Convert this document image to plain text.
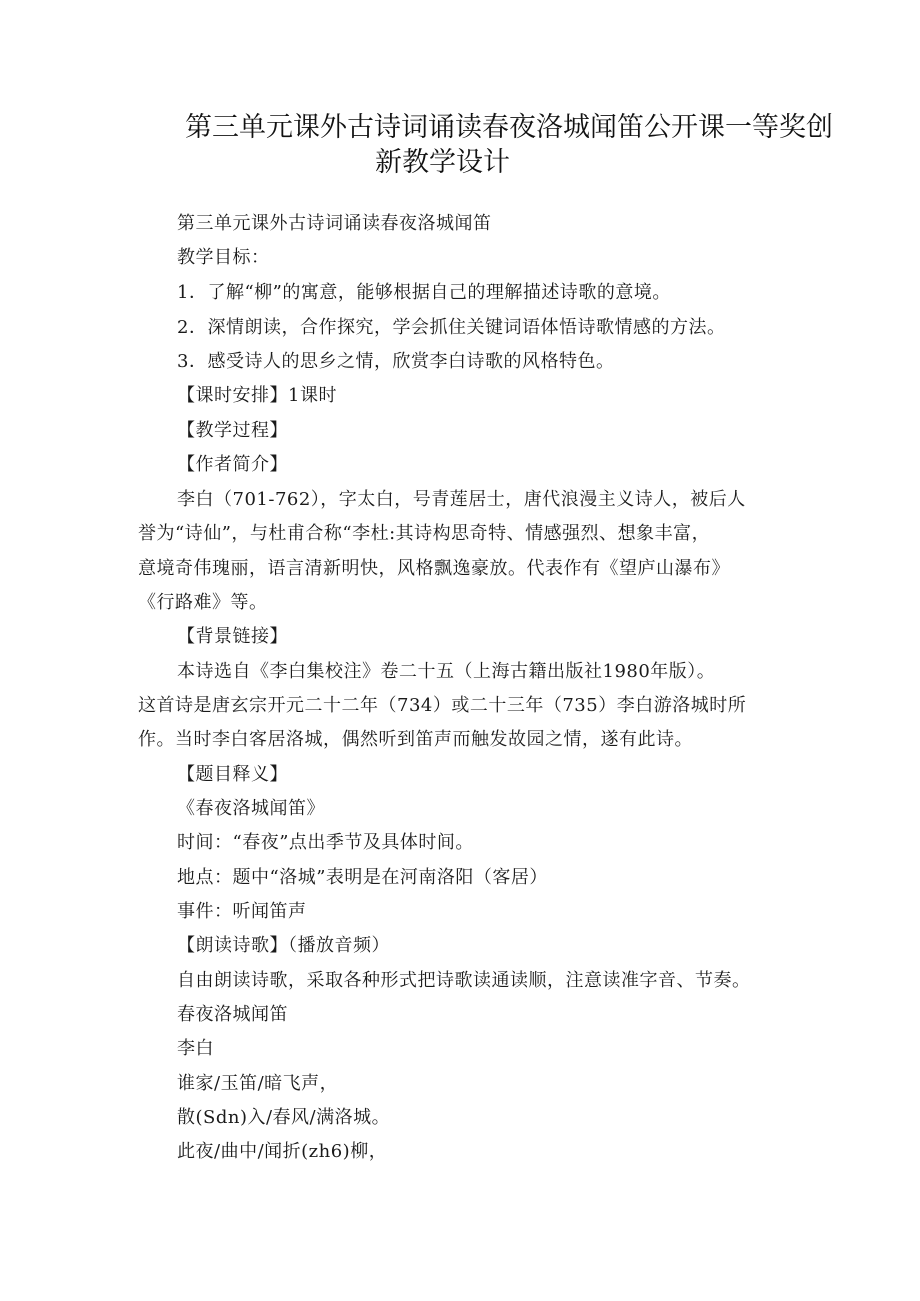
第三单元课外古诗词诵读春夜洛城闻笛公开课一等奖创
新教学设计
第三单元课外古诗词诵读春夜洛城闻笛
教学目标：
1．了解“柳”的寓意，能够根据自己的理解描述诗歌的意境。
2．深情朗读，合作探究，学会抓住关键词语体悟诗歌情感的方法。
3．感受诗人的思乡之情，欣赏李白诗歌的风格特色。
【课时安排】1课时
【教学过程】
【作者简介】
李白（701-762），字太白，号青莲居士，唐代浪漫主义诗人，被后人
誉为“诗仙”，与杜甫合称“李杜:其诗构思奇特、情感强烈、想象丰富，
意境奇伟瑰丽，语言清新明快，风格飘逸豪放。代表作有《望庐山瀑布》
《行路难》等。
【背景链接】
本诗选自《李白集校注》卷二十五（上海古籍出版社1980年版）。
这首诗是唐玄宗开元二十二年（734）或二十三年（735）李白游洛城时所
作。当时李白客居洛城，偶然听到笛声而触发故园之情，遂有此诗。
【题目释义】
《春夜洛城闻笛》
时间：“春夜”点出季节及具体时间。
地点：题中“洛城”表明是在河南洛阳（客居）
事件：听闻笛声
【朗读诗歌】（播放音频）
自由朗读诗歌，采取各种形式把诗歌读通读顺，注意读准字音、节奏。
春夜洛城闻笛
李白
谁家/玉笛/暗飞声，
散(Sdn)入/春风/满洛城。
此夜/曲中/闻折(zh6)柳，
